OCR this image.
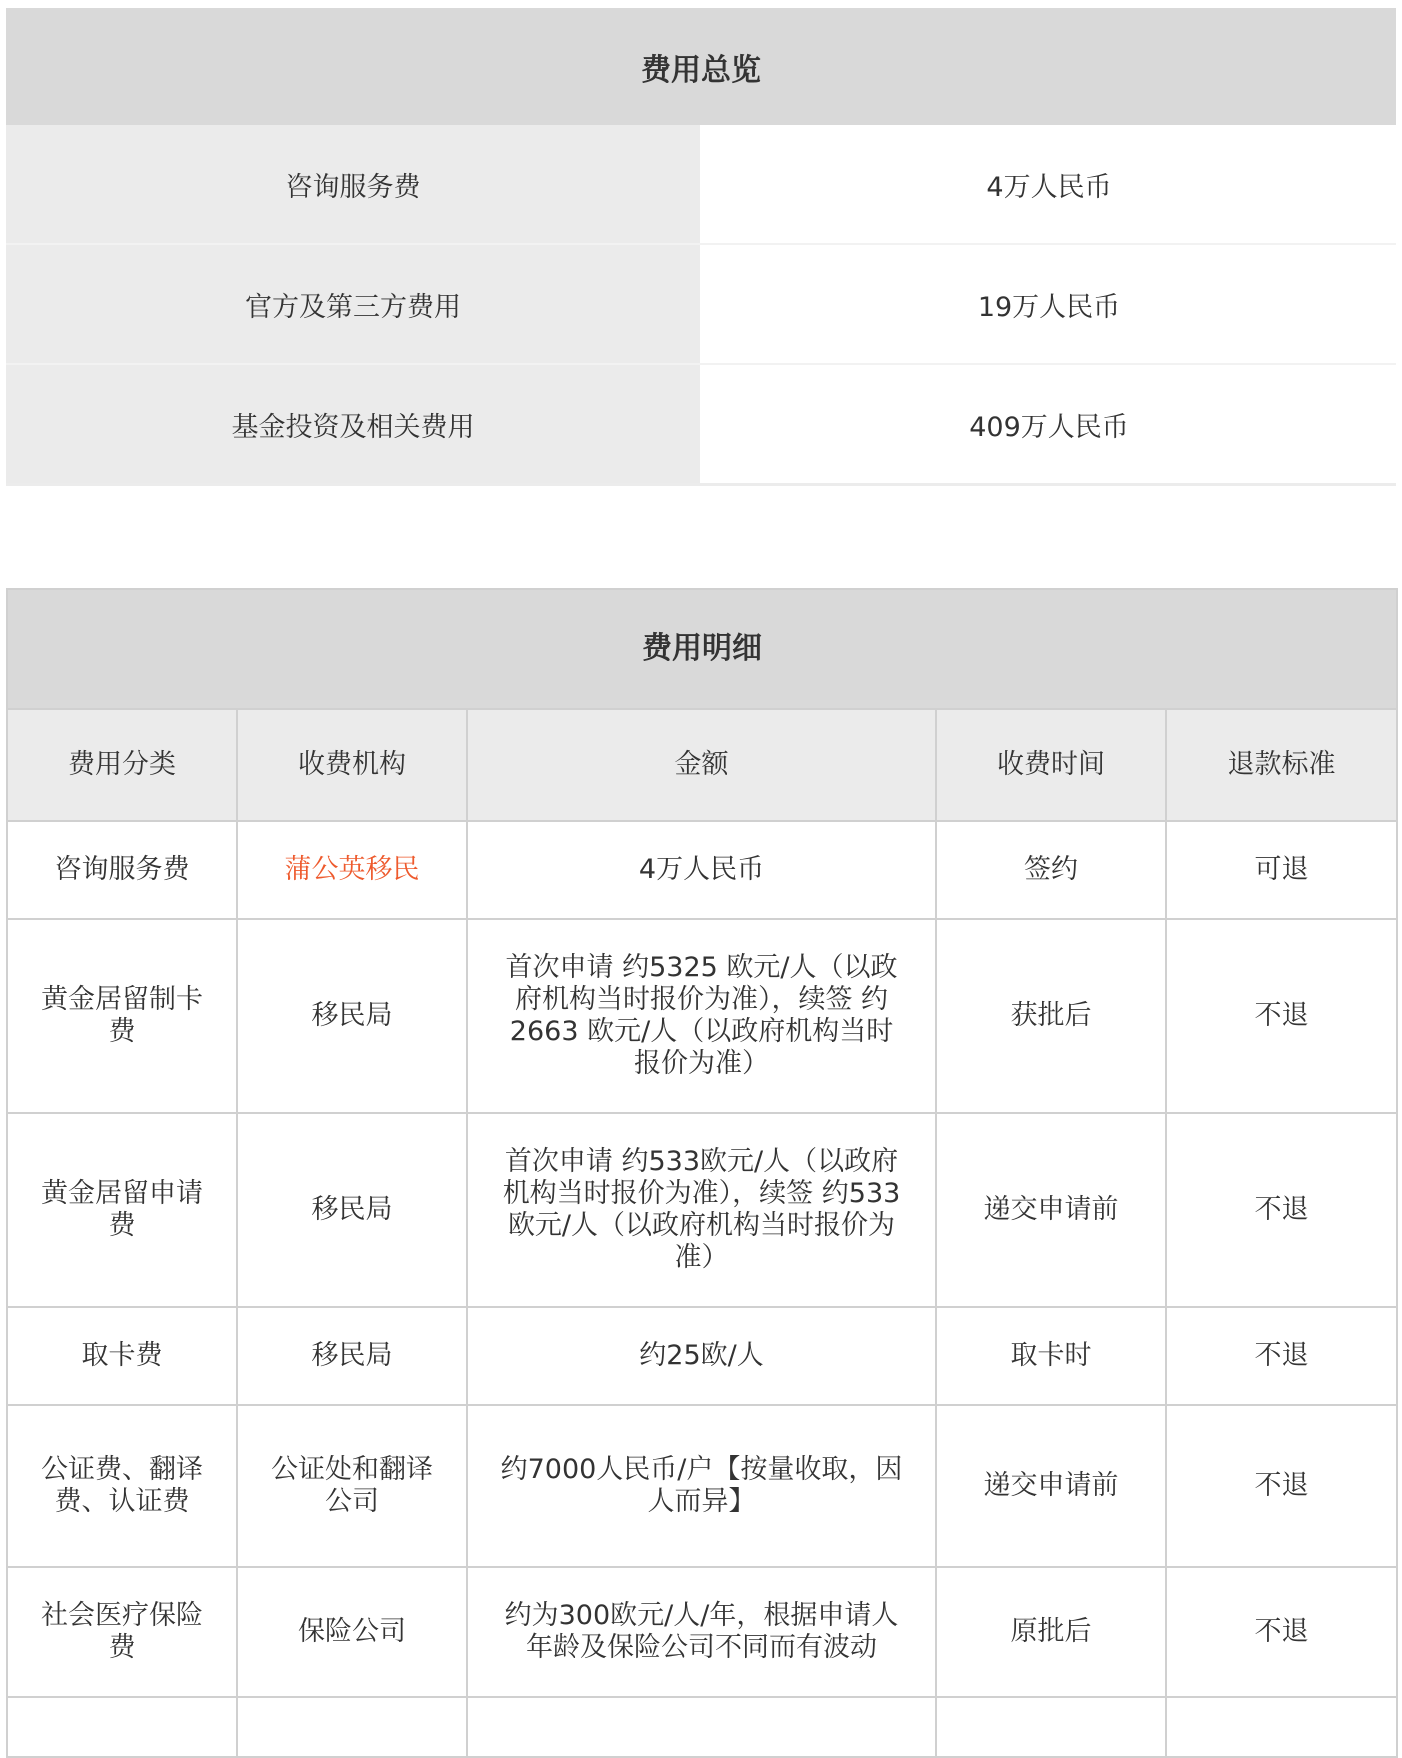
费用总览	
咨询服务费	4万人民币
官方及第三方费用	19万人民币
基金投资及相关费用	409万人民币
费用明细				
费用分类	收费机构	金额	收费时间	退款标准

咨询服务费	蒲公英移民	4万人民币	签约	可退

黄金居留制卡费	移民局	首次申请 约5325 欧元/人（以政府机构当时报价为准），续签 约2663 欧元/人（以政府机构当时报价为准）	获批后	不退

黄金居留申请费	移民局	首次申请 约533欧元/人（以政府机构当时报价为准），续签 约533欧元/人（以政府机构当时报价为准）	递交申请前	不退

取卡费	移民局	约25欧/人	取卡时	不退

公证费、翻译费、认证费	公证处和翻译公司	约7000人民币/户【按量收取，因人而异】	递交申请前	不退

社会医疗保险费	保险公司	约为300欧元/人/年，根据申请人年龄及保险公司不同而有波动	原批后	不退
